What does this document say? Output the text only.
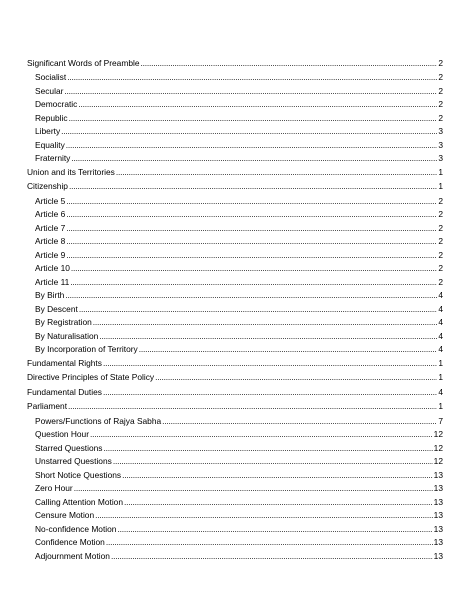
Significant Words of Preamble .....	2
Socialist .....	2
Secular .....	2
Democratic .....	2
Republic .....	2
Liberty .....	3
Equality .....	3
Fraternity .....	3
Union and its Territories .....	1
Citizenship .....	1
Article 5 .....	2
Article 6 .....	2
Article 7 .....	2
Article 8 .....	2
Article 9 .....	2
Article 10 .....	2
Article 11 .....	2
By Birth .....	4
By Descent .....	4
By Registration .....	4
By Naturalisation .....	4
By Incorporation of Territory .....	4
Fundamental Rights .....	1
Directive Principles of State Policy .....	1
Fundamental Duties .....	4
Parliament .....	1
Powers/Functions of Rajya Sabha .....	7
Question Hour .....	12
Starred Questions .....	12
Unstarred Questions .....	12
Short Notice Questions .....	13
Zero Hour .....	13
Calling Attention Motion .....	13
Censure Motion .....	13
No-confidence Motion .....	13
Confidence Motion .....	13
Adjournment Motion .....	13
